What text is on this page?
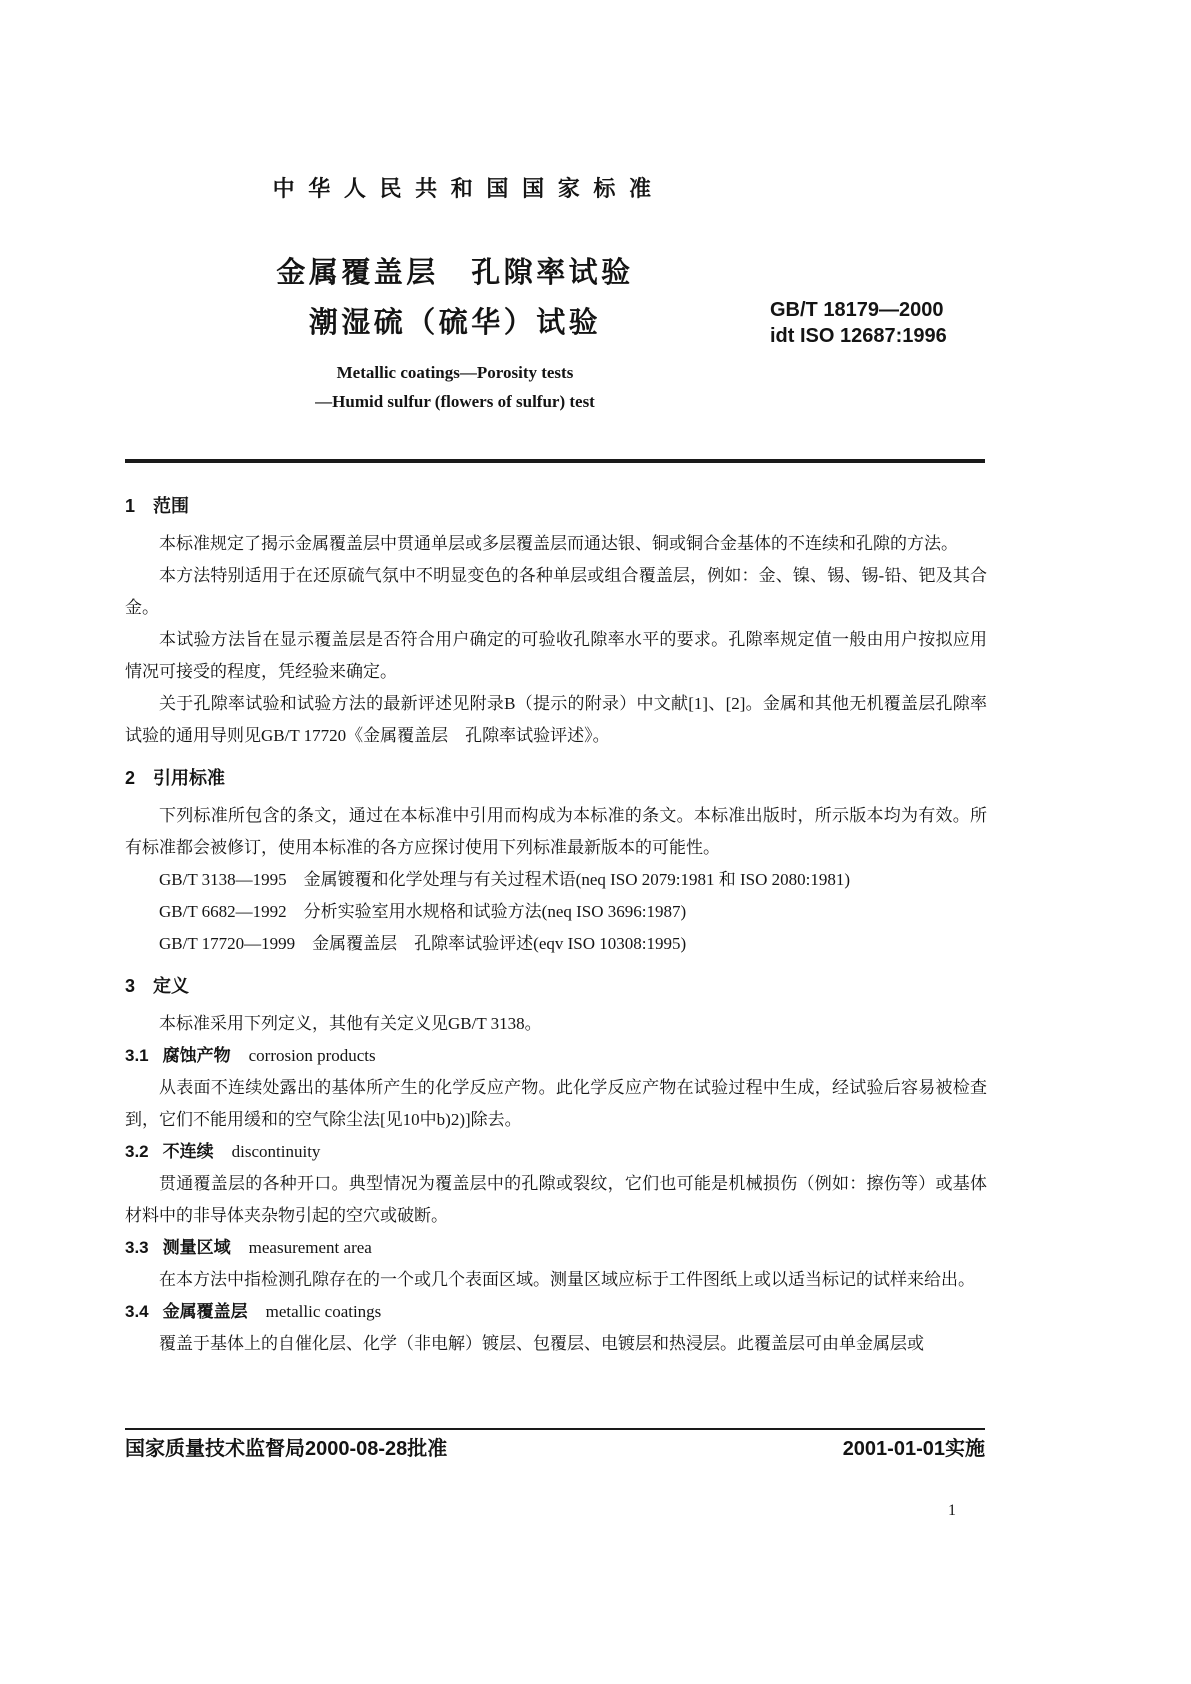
中华人民共和国国家标准
金属覆盖层　孔隙率试验
潮湿硫（硫华）试验	GB/T 18179—2000
idt ISO 12687:1996
Metallic coatings—Porosity tests
—Humid sulfur (flowers of sulfur) test
1　范围

本标准规定了揭示金属覆盖层中贯通单层或多层覆盖层而通达银、铜或铜合金基体的不连续和孔隙的方法。

本方法特别适用于在还原硫气氛中不明显变色的各种单层或组合覆盖层，例如：金、镍、锡、锡-铅、钯及其合金。

本试验方法旨在显示覆盖层是否符合用户确定的可验收孔隙率水平的要求。孔隙率规定值一般由用户按拟应用情况可接受的程度，凭经验来确定。

关于孔隙率试验和试验方法的最新评述见附录B（提示的附录）中文献[1]、[2]。金属和其他无机覆盖层孔隙率试验的通用导则见GB/T 17720《金属覆盖层　孔隙率试验评述》。

2　引用标准

下列标准所包含的条文，通过在本标准中引用而构成为本标准的条文。本标准出版时，所示版本均为有效。所有标准都会被修订，使用本标准的各方应探讨使用下列标准最新版本的可能性。

GB/T 3138—1995　金属镀覆和化学处理与有关过程术语(neq ISO 2079:1981 和 ISO 2080:1981)

GB/T 6682—1992　分析实验室用水规格和试验方法(neq ISO 3696:1987)

GB/T 17720—1999　金属覆盖层　孔隙率试验评述(eqv ISO 10308:1995)

3　定义

本标准采用下列定义，其他有关定义见GB/T 3138。

3.1 腐蚀产物 corrosion products

从表面不连续处露出的基体所产生的化学反应产物。此化学反应产物在试验过程中生成，经试验后容易被检查到，它们不能用缓和的空气除尘法[见10中b)2)]除去。

3.2 不连续 discontinuity

贯通覆盖层的各种开口。典型情况为覆盖层中的孔隙或裂纹，它们也可能是机械损伤（例如：擦伤等）或基体材料中的非导体夹杂物引起的空穴或破断。

3.3 测量区域 measurement area

在本方法中指检测孔隙存在的一个或几个表面区域。测量区域应标于工件图纸上或以适当标记的试样来给出。

3.4 金属覆盖层 metallic coatings

覆盖于基体上的自催化层、化学（非电解）镀层、包覆层、电镀层和热浸层。此覆盖层可由单金属层或

国家质量技术监督局2000-08-28批准	2001-01-01实施
1
